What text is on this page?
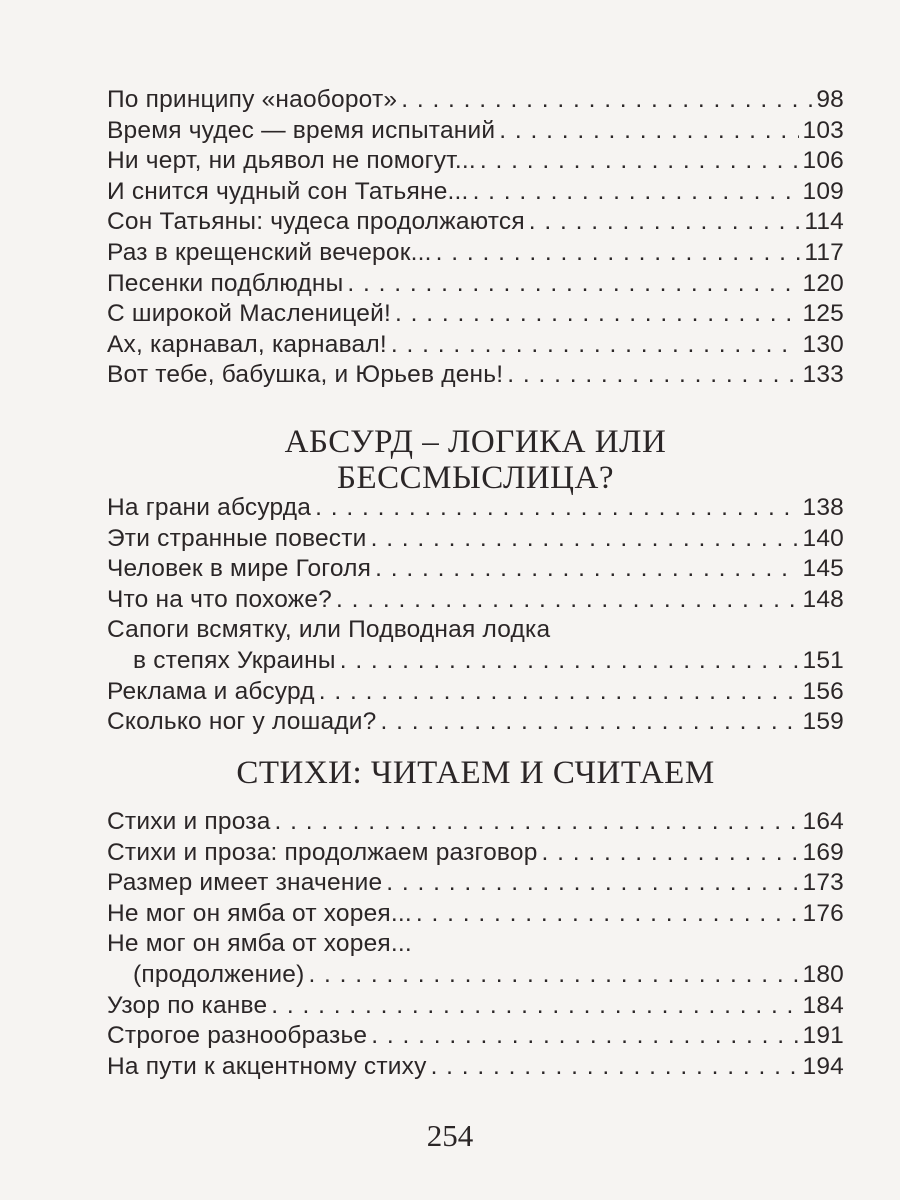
По принципу «наоборот» . . .	98
Время чудес — время испытаний . . .	103
Ни черт, ни дьявол не помогут... . . .	106
И снится чудный сон Татьяне... . . .	109
Сон Татьяны: чудеса продолжаются . . .	114
Раз в крещенский вечерок... . . .	117
Песенки подблюдны . . .	120
С широкой Масленицей! . . .	125
Ах, карнавал, карнавал! . . .	130
Вот тебе, бабушка, и Юрьев день! . . .	133
АБСУРД – ЛОГИКА ИЛИ
БЕССМЫСЛИЦА?
На грани абсурда . . .	138
Эти странные повести . . .	140
Человек в мире Гоголя . . .	145
Что на что похоже? . . .	148
Сапоги всмятку, или Подводная лодка
в степях Украины . . .	151
Реклама и абсурд . . .	156
Сколько ног у лошади? . . .	159
СТИХИ: ЧИТАЕМ И СЧИТАЕМ
Стихи и проза . . .	164
Стихи и проза: продолжаем разговор . . .	169
Размер имеет значение . . .	173
Не мог он ямба от хорея... . . .	176
Не мог он ямба от хорея...
(продолжение) . . .	180
Узор по канве . . .	184
Строгое разнообразье . . .	191
На пути к акцентному стиху . . .	194
254
